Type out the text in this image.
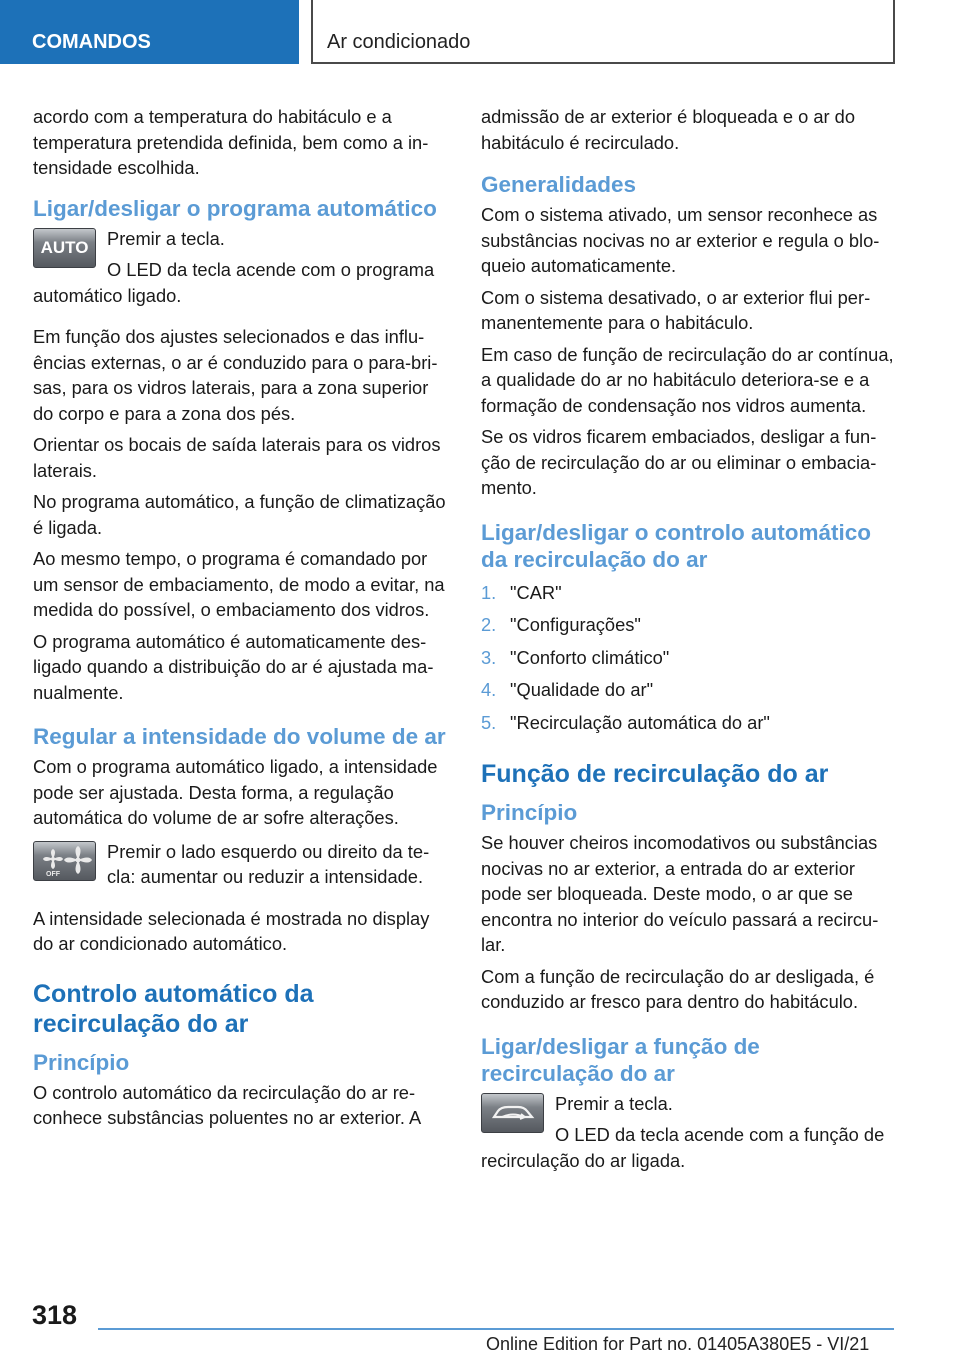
COMANDOS	Ar condicionado

acordo com a temperatura do habitáculo e a temperatura pretendida definida, bem como a intensidade escolhida.

Ligar/desligar o programa automático
AUTO	Premir a tecla.

O LED da tecla acende com o programa automático ligado.

Em função dos ajustes selecionados e das influências externas, o ar é conduzido para o para-brisas, para os vidros laterais, para a zona superior do corpo e para a zona dos pés.

Orientar os bocais de saída laterais para os vidros laterais.

No programa automático, a função de climatização é ligada.

Ao mesmo tempo, o programa é comandado por um sensor de embaciamento, de modo a evitar, na medida do possível, o embaciamento dos vidros.

O programa automático é automaticamente desligado quando a distribuição do ar é ajustada manualmente.

Regular a intensidade do volume de ar

Com o programa automático ligado, a intensidade pode ser ajustada. Desta forma, a regulação automática do volume de ar sofre alterações.

OFF

Premir o lado esquerdo ou direito da tecla: aumentar ou reduzir a intensidade.

A intensidade selecionada é mostrada no display do ar condicionado automático.

Controlo automático da recirculação do ar
Princípio

O controlo automático da recirculação do ar reconhece substâncias poluentes no ar exterior. A

admissão de ar exterior é bloqueada e o ar do habitáculo é recirculado.

Generalidades

Com o sistema ativado, um sensor reconhece as substâncias nocivas no ar exterior e regula o bloqueio automaticamente.

Com o sistema desativado, o ar exterior flui permanentemente para o habitáculo.

Em caso de função de recirculação do ar contínua, a qualidade do ar no habitáculo deteriora-se e a formação de condensação nos vidros aumenta.

Se os vidros ficarem embaciados, desligar a função de recirculação do ar ou eliminar o embaciamento.

Ligar/desligar o controlo automático da recirculação do ar
1. "CAR"
2. "Configurações"
3. "Conforto climático"
4. "Qualidade do ar"
5. "Recirculação automática do ar"
Função de recirculação do ar
Princípio

Se houver cheiros incomodativos ou substâncias nocivas no ar exterior, a entrada do ar exterior pode ser bloqueada. Deste modo, o ar que se encontra no interior do veículo passará a recircular.

Com a função de recirculação do ar desligada, é conduzido ar fresco para dentro do habitáculo.

Ligar/desligar a função de recirculação do ar

Premir a tecla.

O LED da tecla acende com a função de recirculação do ar ligada.

318
Online Edition for Part no. 01405A380E5 - VI/21
